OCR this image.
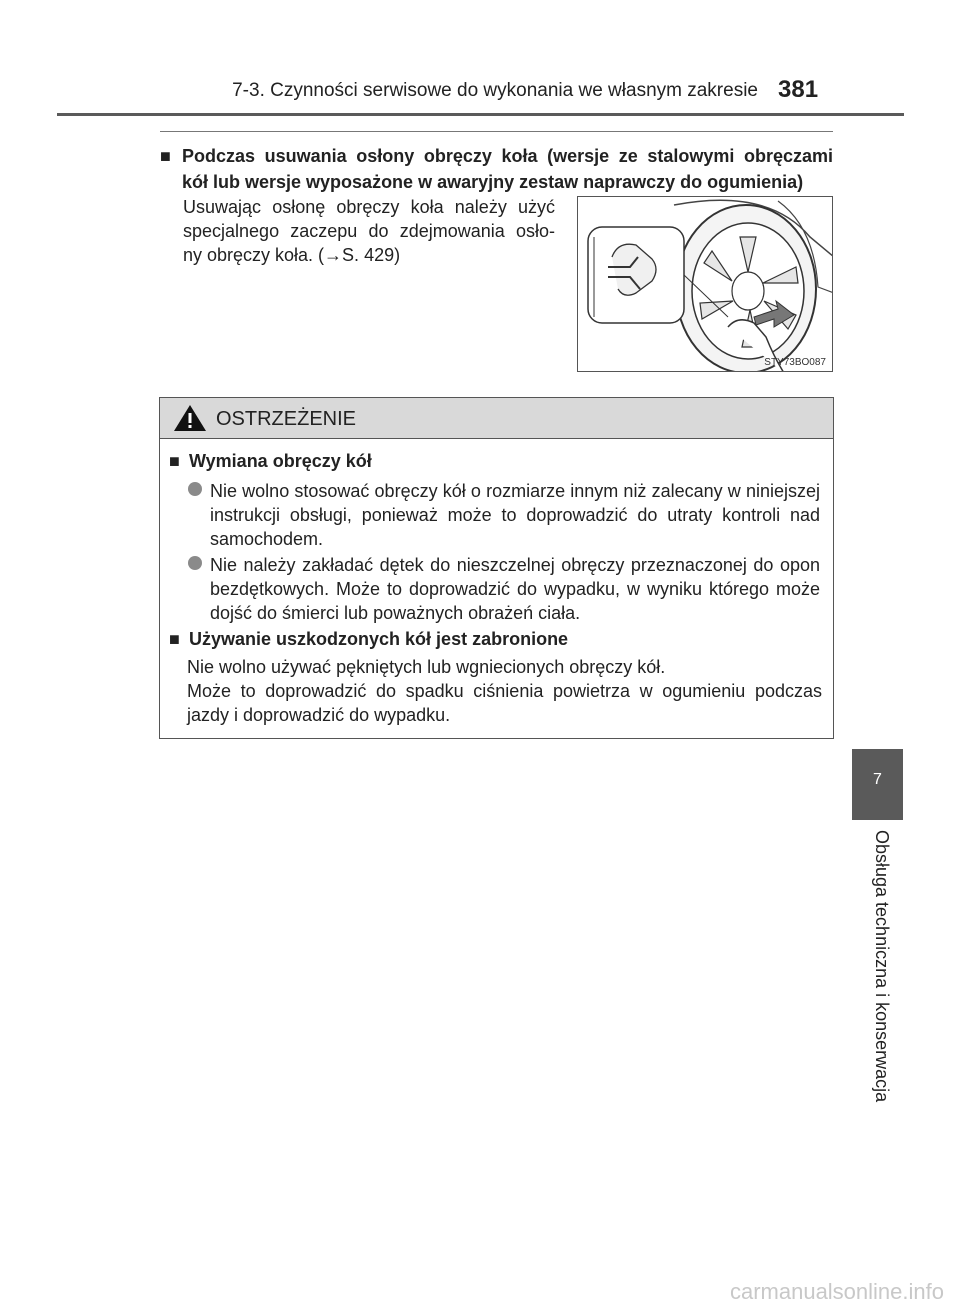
7-3. Czynności serwisowe do wykonania we własnym zakresie 381
■ Podczas usuwania osłony obręczy koła (wersje ze stalowymi obręczami
kół lub wersje wyposażone w awaryjny zestaw naprawczy do ogumienia)
Usuwając osłonę obręczy koła należy użyć
specjalnego zaczepu do zdejmowania osło-
ny obręczy koła. (→S. 429)
STY73BO087
OSTRZEŻENIE
■ Wymiana obręczy kół
Nie wolno stosować obręczy kół o rozmiarze innym niż zalecany w niniejszej instrukcji obsługi, ponieważ może to doprowadzić do utraty kontroli nad samochodem.
Nie należy zakładać dętek do nieszczelnej obręczy przeznaczonej do opon bezdętkowych. Może to doprowadzić do wypadku, w wyniku którego może dojść do śmierci lub poważnych obrażeń ciała.
■ Używanie uszkodzonych kół jest zabronione
Nie wolno używać pękniętych lub wgniecionych obręczy kół.
Może to doprowadzić do spadku ciśnienia powietrza w ogumieniu podczas
jazdy i doprowadzić do wypadku.
7
Obsługa techniczna i konserwacja
carmanualsonline.info
